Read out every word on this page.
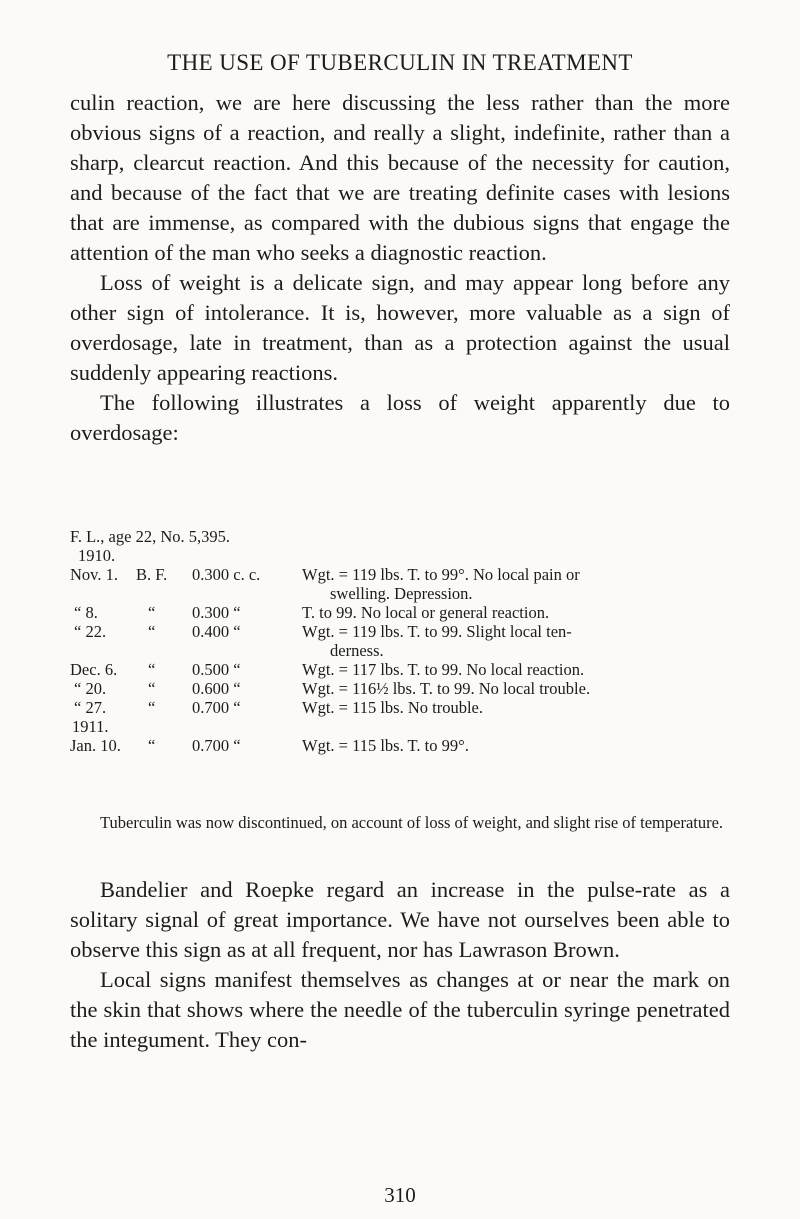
THE USE OF TUBERCULIN IN TREATMENT

culin reaction, we are here discussing the less rather than the more obvious signs of a reaction, and really a slight, indefinite, rather than a sharp, clearcut reaction. And this because of the necessity for caution, and because of the fact that we are treating definite cases with lesions that are immense, as compared with the dubious signs that engage the attention of the man who seeks a diagnostic reaction.

Loss of weight is a delicate sign, and may appear long before any other sign of intolerance. It is, however, more valuable as a sign of overdosage, late in treatment, than as a protection against the usual suddenly appearing reactions.

The following illustrates a loss of weight apparently due to overdosage:

F. L., age 22, No. 5,395.

1910.

Nov. 1.	B. F.	0.300 c. c.	Wgt. = 119 lbs. T. to 99°. No local pain or
swelling. Depression.
“ 8.	“	0.300 “	T. to 99. No local or general reaction.
“ 22.	“	0.400 “	Wgt. = 119 lbs. T. to 99. Slight local ten-
derness.
Dec. 6.	“	0.500 “	Wgt. = 117 lbs. T. to 99. No local reaction.
“ 20.	“	0.600 “	Wgt. = 116½ lbs. T. to 99. No local trouble.
“ 27.	“	0.700 “	Wgt. = 115 lbs. No trouble.

1911.

Jan. 10.	“	0.700 “	Wgt. = 115 lbs. T. to 99°.
Tuberculin was now discontinued, on account of loss of weight, and slight rise of temperature.

Bandelier and Roepke regard an increase in the pulse-rate as a solitary signal of great importance. We have not ourselves been able to observe this sign as at all frequent, nor has Lawrason Brown.

Local signs manifest themselves as changes at or near the mark on the skin that shows where the needle of the tuberculin syringe penetrated the integument. They con-

310
